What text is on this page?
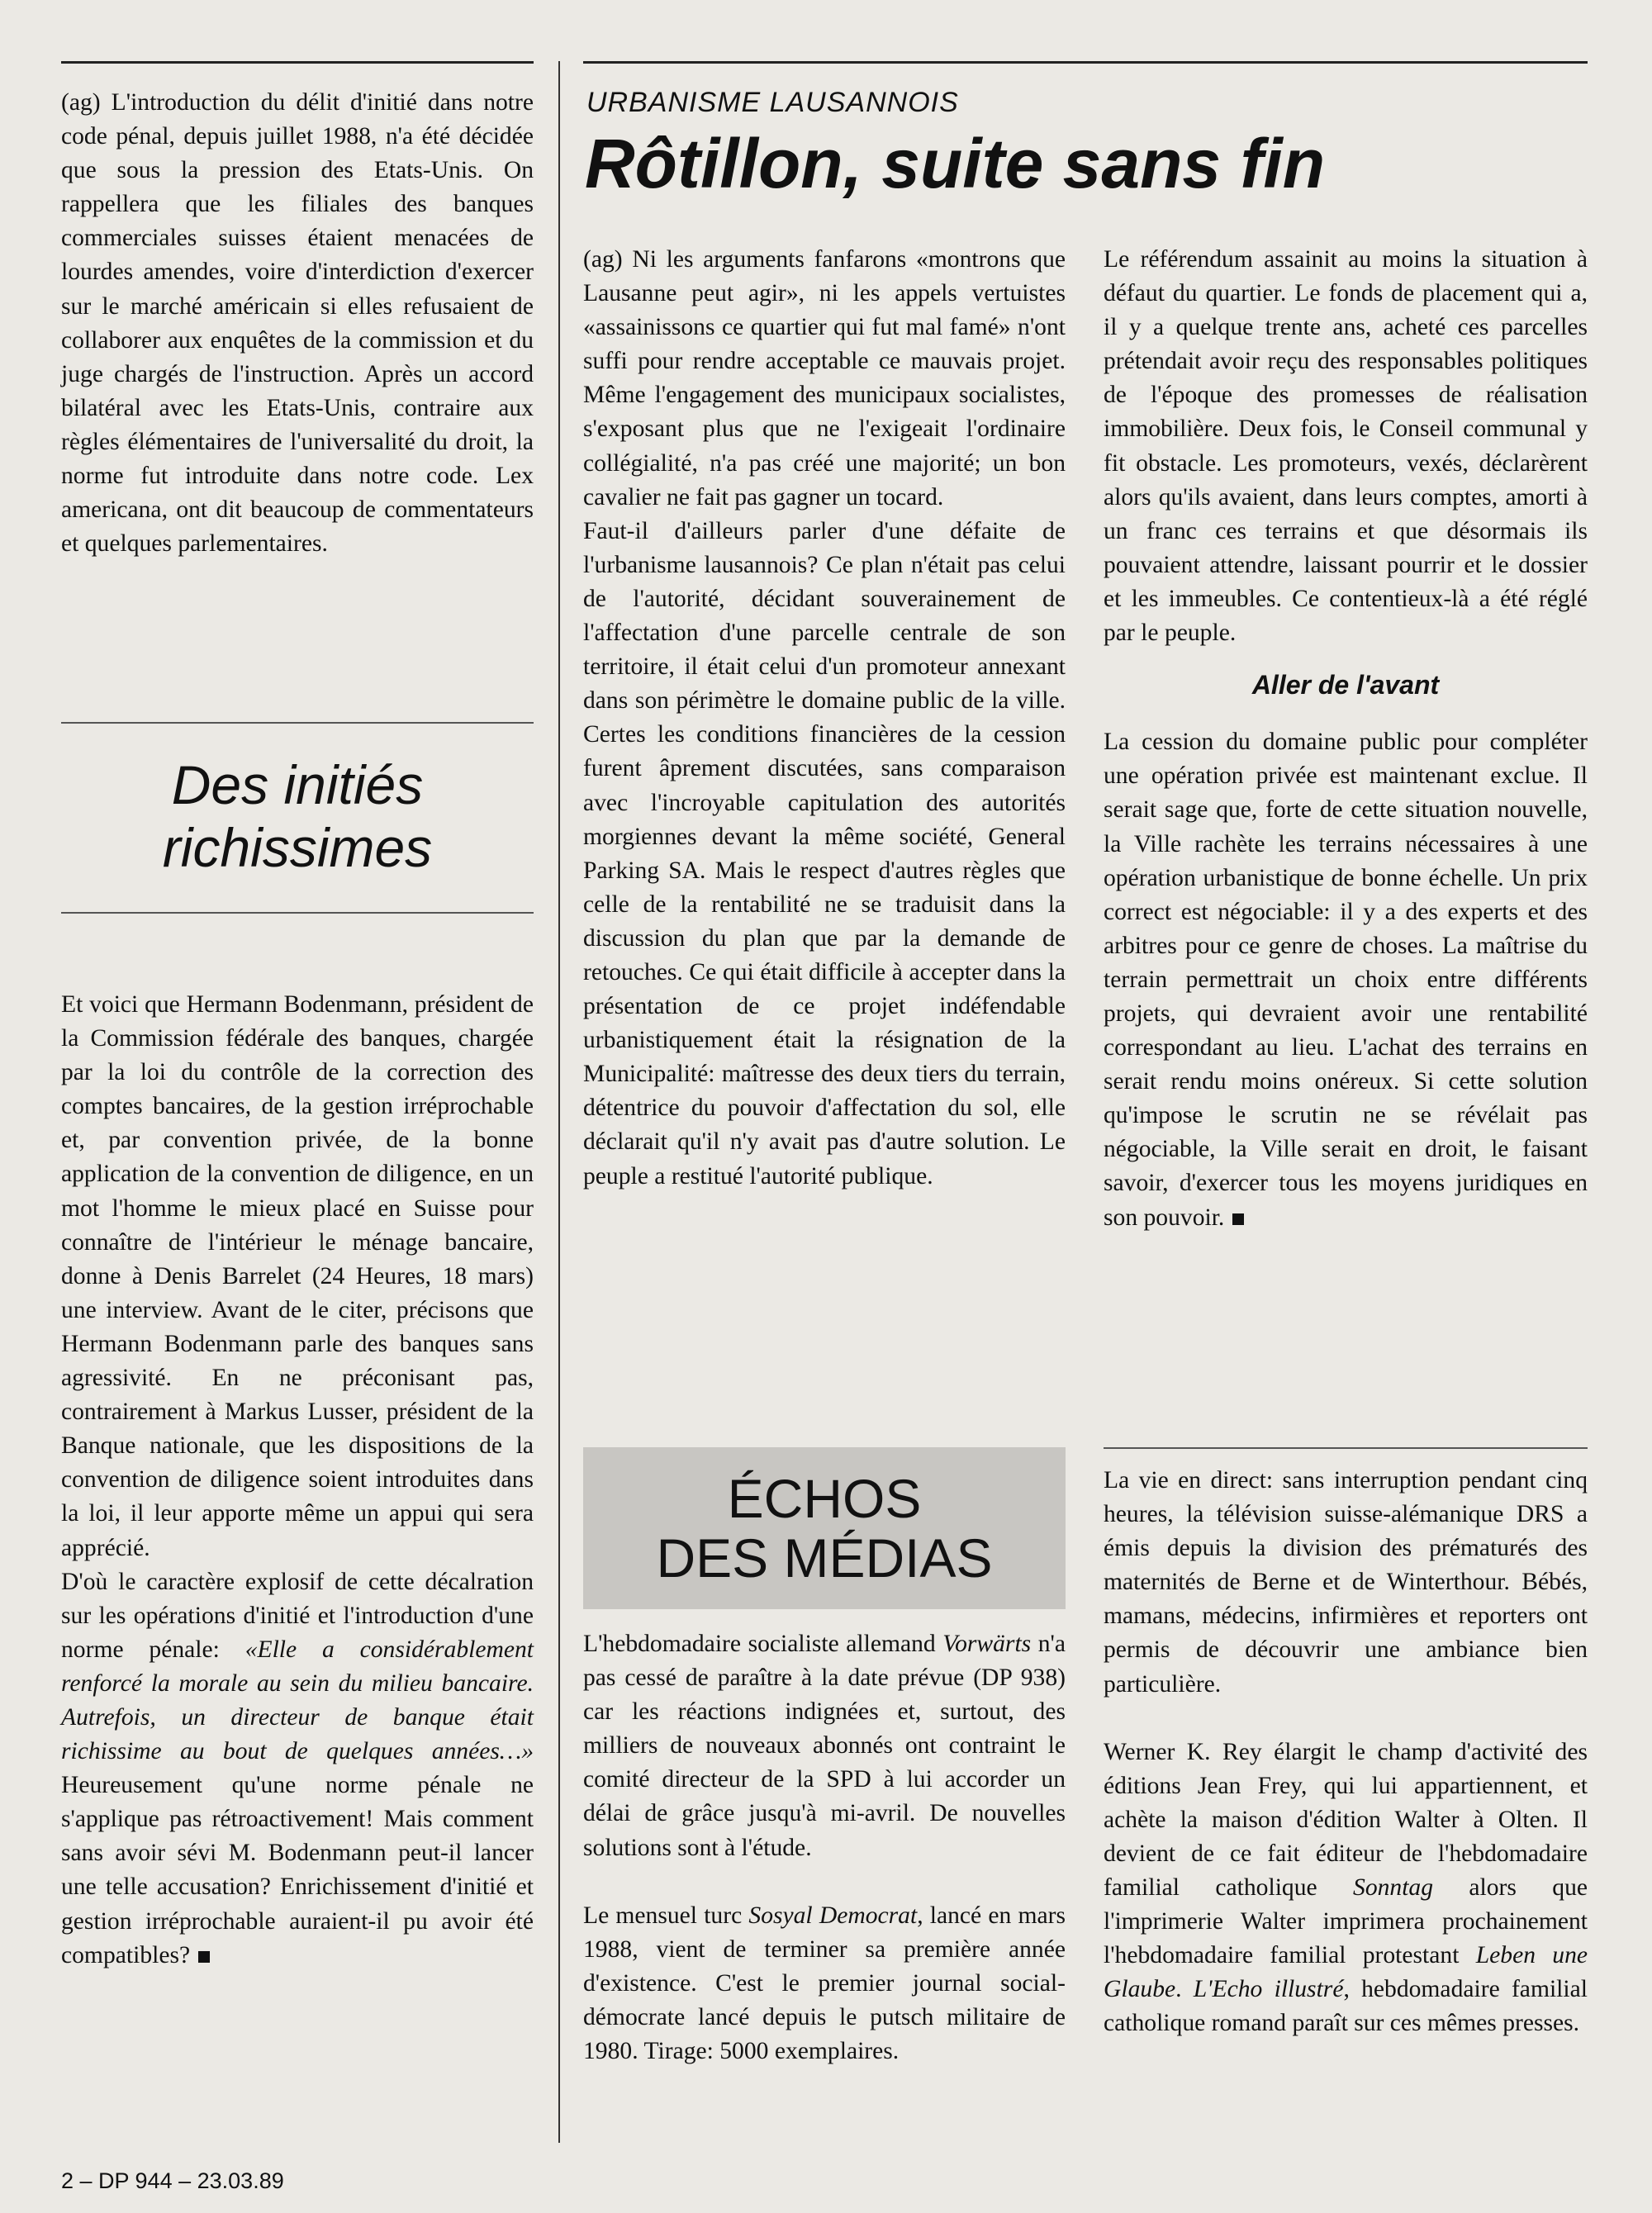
(ag) L'introduction du délit d'initié dans notre code pénal, depuis juillet 1988, n'a été décidée que sous la pression des Etats-Unis. On rappellera que les filiales des banques commerciales suisses étaient menacées de lourdes amendes, voire d'interdiction d'exercer sur le marché américain si elles refusaient de collaborer aux enquêtes de la commission et du juge chargés de l'instruction. Après un accord bilatéral avec les Etats-Unis, contraire aux règles élémentaires de l'universalité du droit, la norme fut introduite dans notre code. Lex americana, ont dit beaucoup de commentateurs et quelques parlementaires.

Des initiés
richissimes

Et voici que Hermann Bodenmann, président de la Commission fédérale des banques, chargée par la loi du contrôle de la correction des comptes bancaires, de la gestion irréprochable et, par convention privée, de la bonne application de la convention de diligence, en un mot l'homme le mieux placé en Suisse pour connaître de l'intérieur le ménage bancaire, donne à Denis Barrelet (24 Heures, 18 mars) une interview. Avant de le citer, précisons que Hermann Bodenmann parle des banques sans agressivité. En ne préconisant pas, contrairement à Markus Lusser, président de la Banque nationale, que les dispositions de la convention de diligence soient introduites dans la loi, il leur apporte même un appui qui sera apprécié.

D'où le caractère explosif de cette décalration sur les opérations d'initié et l'introduction d'une norme pénale: «Elle a considérablement renforcé la morale au sein du milieu bancaire. Autrefois, un directeur de banque était richissime au bout de quelques années…» Heureusement qu'une norme pénale ne s'applique pas rétroactivement! Mais comment sans avoir sévi M. Bodenmann peut-il lancer une telle accusation? Enrichissement d'initié et gestion irréprochable auraient-il pu avoir été compatibles?

URBANISME LAUSANNOIS
Rôtillon, suite sans fin

(ag) Ni les arguments fanfarons «montrons que Lausanne peut agir», ni les appels vertuistes «assainissons ce quartier qui fut mal famé» n'ont suffi pour rendre acceptable ce mauvais projet. Même l'engagement des municipaux socialistes, s'exposant plus que ne l'exigeait l'ordinaire collégialité, n'a pas créé une majorité; un bon cavalier ne fait pas gagner un tocard.

Faut-il d'ailleurs parler d'une défaite de l'urbanisme lausannois? Ce plan n'était pas celui de l'autorité, décidant souverainement de l'affectation d'une parcelle centrale de son territoire, il était celui d'un promoteur annexant dans son périmètre le domaine public de la ville. Certes les conditions financières de la cession furent âprement discutées, sans comparaison avec l'incroyable capitulation des autorités morgiennes devant la même société, General Parking SA. Mais le respect d'autres règles que celle de la rentabilité ne se traduisit dans la discussion du plan que par la demande de retouches. Ce qui était difficile à accepter dans la présentation de ce projet indéfendable urbanistiquement était la résignation de la Municipalité: maîtresse des deux tiers du terrain, détentrice du pouvoir d'affectation du sol, elle déclarait qu'il n'y avait pas d'autre solution. Le peuple a restitué l'autorité publique.

Le référendum assainit au moins la situation à défaut du quartier. Le fonds de placement qui a, il y a quelque trente ans, acheté ces parcelles prétendait avoir reçu des responsables politiques de l'époque des promesses de réalisation immobilière. Deux fois, le Conseil communal y fit obstacle. Les promoteurs, vexés, déclarèrent alors qu'ils avaient, dans leurs comptes, amorti à un franc ces terrains et que désormais ils pouvaient attendre, laissant pourrir et le dossier et les immeubles. Ce contentieux-là a été réglé par le peuple.

Aller de l'avant

La cession du domaine public pour compléter une opération privée est maintenant exclue. Il serait sage que, forte de cette situation nouvelle, la Ville rachète les terrains nécessaires à une opération urbanistique de bonne échelle. Un prix correct est négociable: il y a des experts et des arbitres pour ce genre de choses. La maîtrise du terrain permettrait un choix entre différents projets, qui devraient avoir une rentabilité correspondant au lieu. L'achat des terrains en serait rendu moins onéreux. Si cette solution qu'impose le scrutin ne se révélait pas négociable, la Ville serait en droit, le faisant savoir, d'exercer tous les moyens juridiques en son pouvoir.

ÉCHOS
DES MÉDIAS

L'hebdomadaire socialiste allemand Vorwärts n'a pas cessé de paraître à la date prévue (DP 938) car les réactions indignées et, surtout, des milliers de nouveaux abonnés ont contraint le comité directeur de la SPD à lui accorder un délai de grâce jusqu'à mi-avril. De nouvelles solutions sont à l'étude.

Le mensuel turc Sosyal Democrat, lancé en mars 1988, vient de terminer sa première année d'existence. C'est le premier journal social-démocrate lancé depuis le putsch militaire de 1980. Tirage: 5000 exemplaires.

La vie en direct: sans interruption pendant cinq heures, la télévision suisse-alémanique DRS a émis depuis la division des prématurés des maternités de Berne et de Winterthour. Bébés, mamans, médecins, infirmières et reporters ont permis de découvrir une ambiance bien particulière.

Werner K. Rey élargit le champ d'activité des éditions Jean Frey, qui lui appartiennent, et achète la maison d'édition Walter à Olten. Il devient de ce fait éditeur de l'hebdomadaire familial catholique Sonntag alors que l'imprimerie Walter imprimera prochainement l'hebdomadaire familial protestant Leben une Glaube. L'Echo illustré, hebdomadaire familial catholique romand paraît sur ces mêmes presses.

2 – DP 944 – 23.03.89
